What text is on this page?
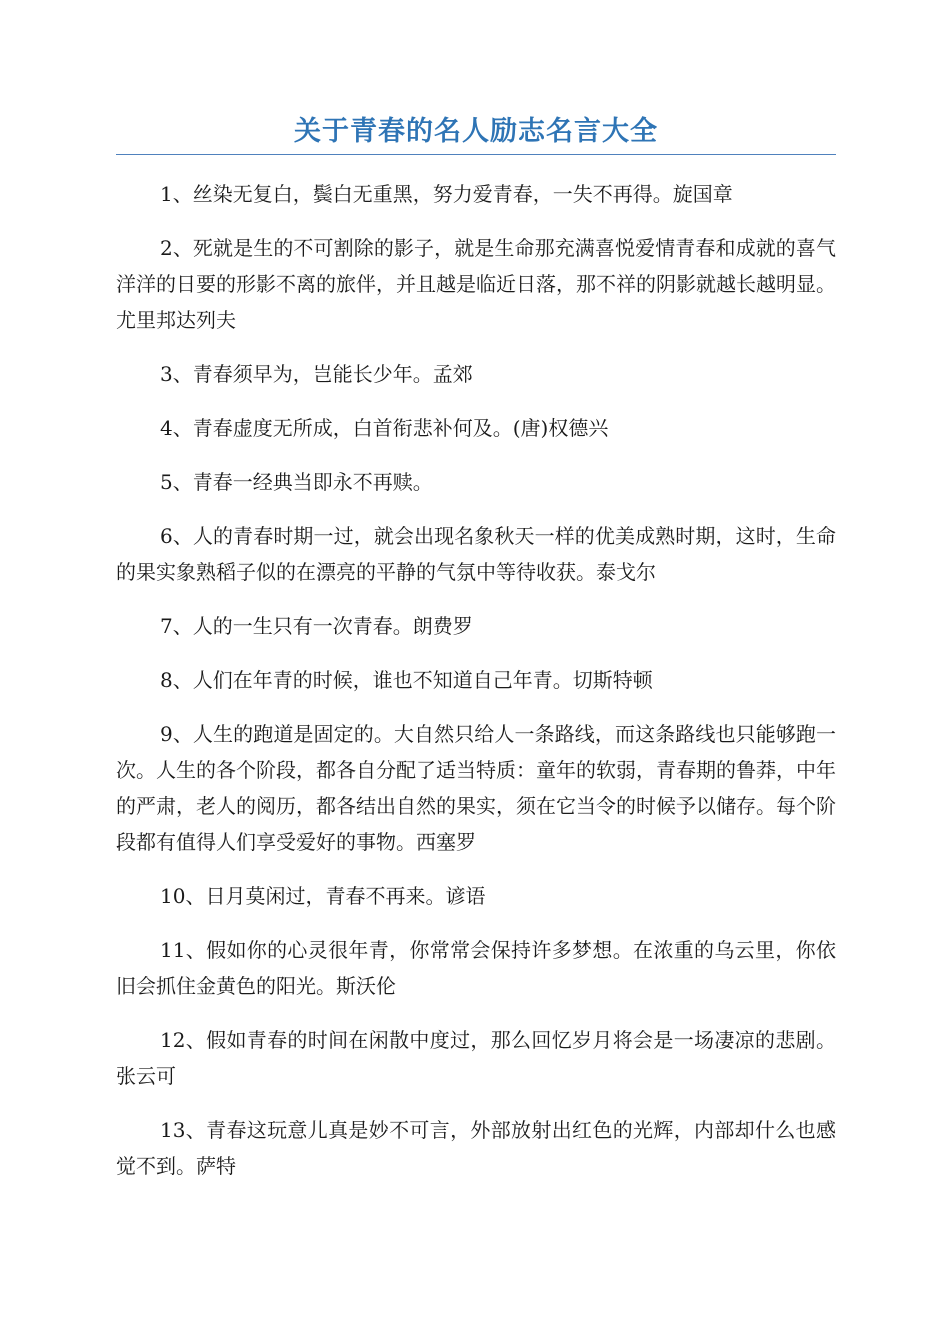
关于青春的名人励志名言大全

1、丝染无复白，鬓白无重黑，努力爱青春，一失不再得。旋国章

2、死就是生的不可割除的影子，就是生命那充满喜悦爱情青春和成就的喜气洋洋的日要的形影不离的旅伴，并且越是临近日落，那不祥的阴影就越长越明显。尤里邦达列夫

3、青春须早为，岂能长少年。孟郊

4、青春虚度无所成，白首衔悲补何及。(唐)权德兴

5、青春一经典当即永不再赎。

6、人的青春时期一过，就会出现名象秋天一样的优美成熟时期，这时，生命的果实象熟稻子似的在漂亮的平静的气氛中等待收获。泰戈尔

7、人的一生只有一次青春。朗费罗

8、人们在年青的时候，谁也不知道自己年青。切斯特顿

9、人生的跑道是固定的。大自然只给人一条路线，而这条路线也只能够跑一次。人生的各个阶段，都各自分配了适当特质：童年的软弱，青春期的鲁莽，中年的严肃，老人的阅历，都各结出自然的果实，须在它当令的时候予以储存。每个阶段都有值得人们享受爱好的事物。西塞罗

10、日月莫闲过，青春不再来。谚语

11、假如你的心灵很年青，你常常会保持许多梦想。在浓重的乌云里，你依旧会抓住金黄色的阳光。斯沃伦

12、假如青春的时间在闲散中度过，那么回忆岁月将会是一场凄凉的悲剧。张云可

13、青春这玩意儿真是妙不可言，外部放射出红色的光辉，内部却什么也感觉不到。萨特
